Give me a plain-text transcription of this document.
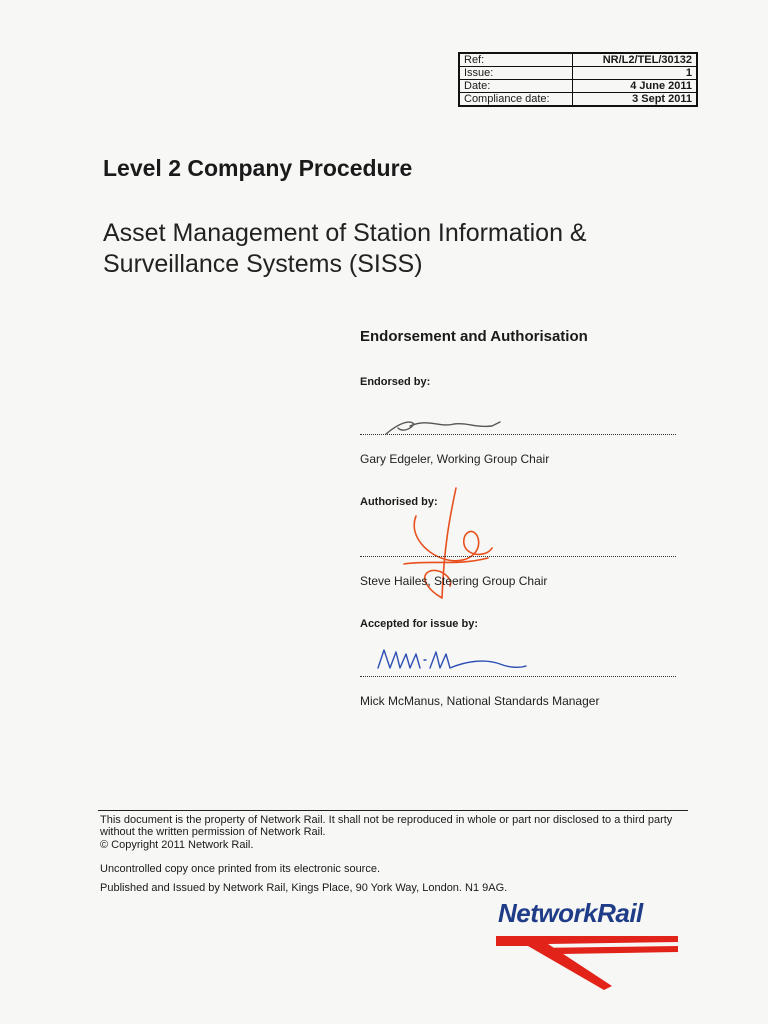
Ref:	NR/L2/TEL/30132
Issue:	1
Date:	4 June 2011
Compliance date:	3 Sept 2011
Level 2 Company Procedure
Asset Management of Station Information & Surveillance Systems (SISS)
Endorsement and Authorisation
Endorsed by:
Gary Edgeler, Working Group Chair
Authorised by:
Steve Hailes, Steering Group Chair
Accepted for issue by:
Mick McManus, National Standards Manager

This document is the property of Network Rail. It shall not be reproduced in whole or part nor disclosed to a third party without the written permission of Network Rail.

© Copyright 2011 Network Rail.

Uncontrolled copy once printed from its electronic source.

Published and Issued by Network Rail, Kings Place, 90 York Way, London. N1 9AG.

NetworkRail
